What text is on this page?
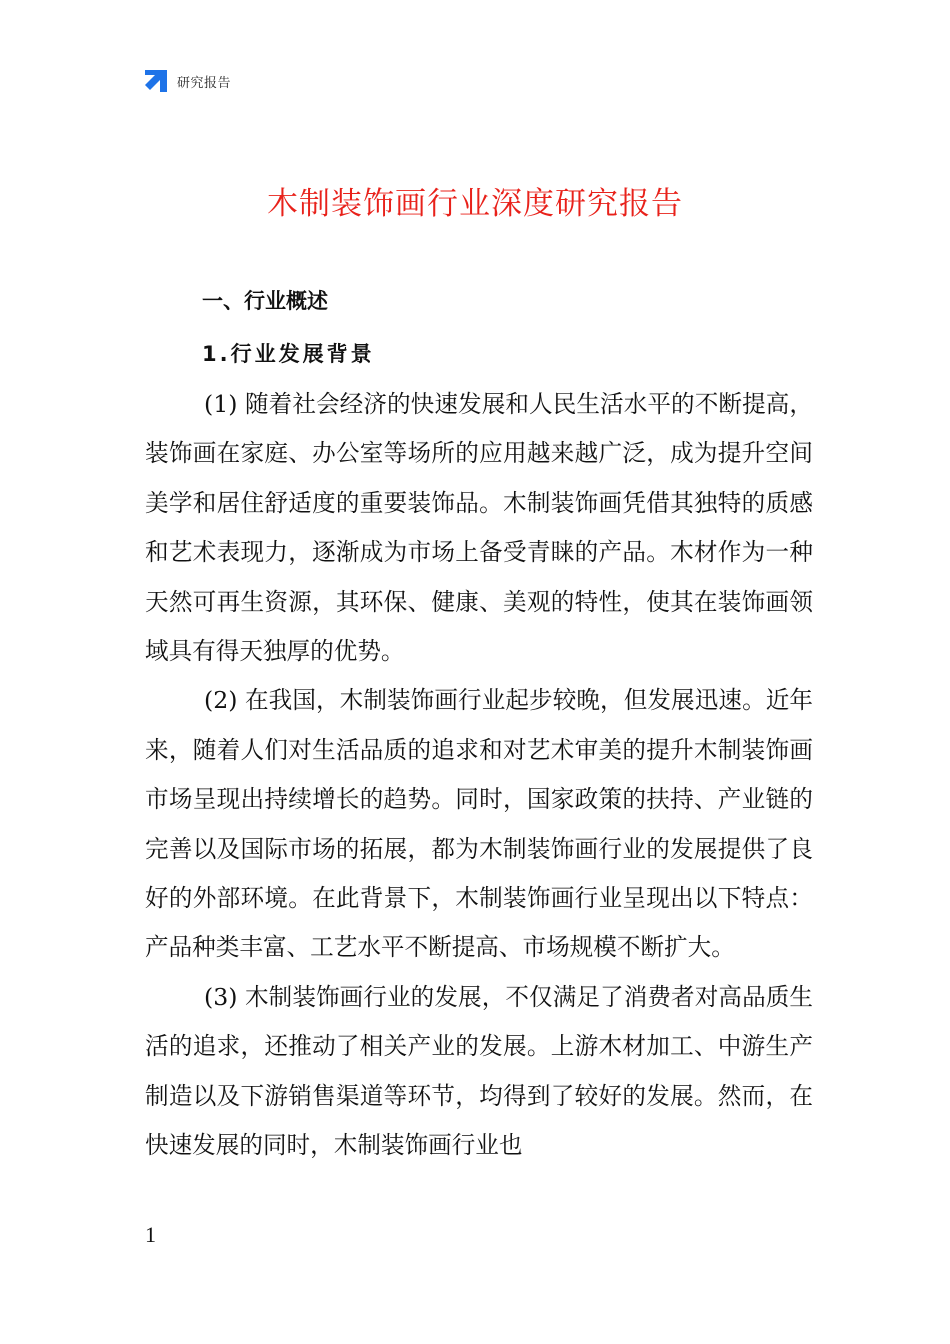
研究报告
木制装饰画行业深度研究报告
一、行业概述
1.行业发展背景

(1) 随着社会经济的快速发展和人民生活水平的不断提高，装饰画在家庭、办公室等场所的应用越来越广泛，成为提升空间美学和居住舒适度的重要装饰品。木制装饰画凭借其独特的质感和艺术表现力，逐渐成为市场上备受青睐的产品。木材作为一种天然可再生资源，其环保、健康、美观的特性，使其在装饰画领域具有得天独厚的优势。

(2) 在我国，木制装饰画行业起步较晚，但发展迅速。近年来，随着人们对生活品质的追求和对艺术审美的提升木制装饰画市场呈现出持续增长的趋势。同时，国家政策的扶持、产业链的完善以及国际市场的拓展，都为木制装饰画行业的发展提供了良好的外部环境。在此背景下，木制装饰画行业呈现出以下特点：产品种类丰富、工艺水平不断提高、市场规模不断扩大。

(3) 木制装饰画行业的发展，不仅满足了消费者对高品质生活的追求，还推动了相关产业的发展。上游木材加工、中游生产制造以及下游销售渠道等环节，均得到了较好的发展。然而，在快速发展的同时，木制装饰画行业也

1
